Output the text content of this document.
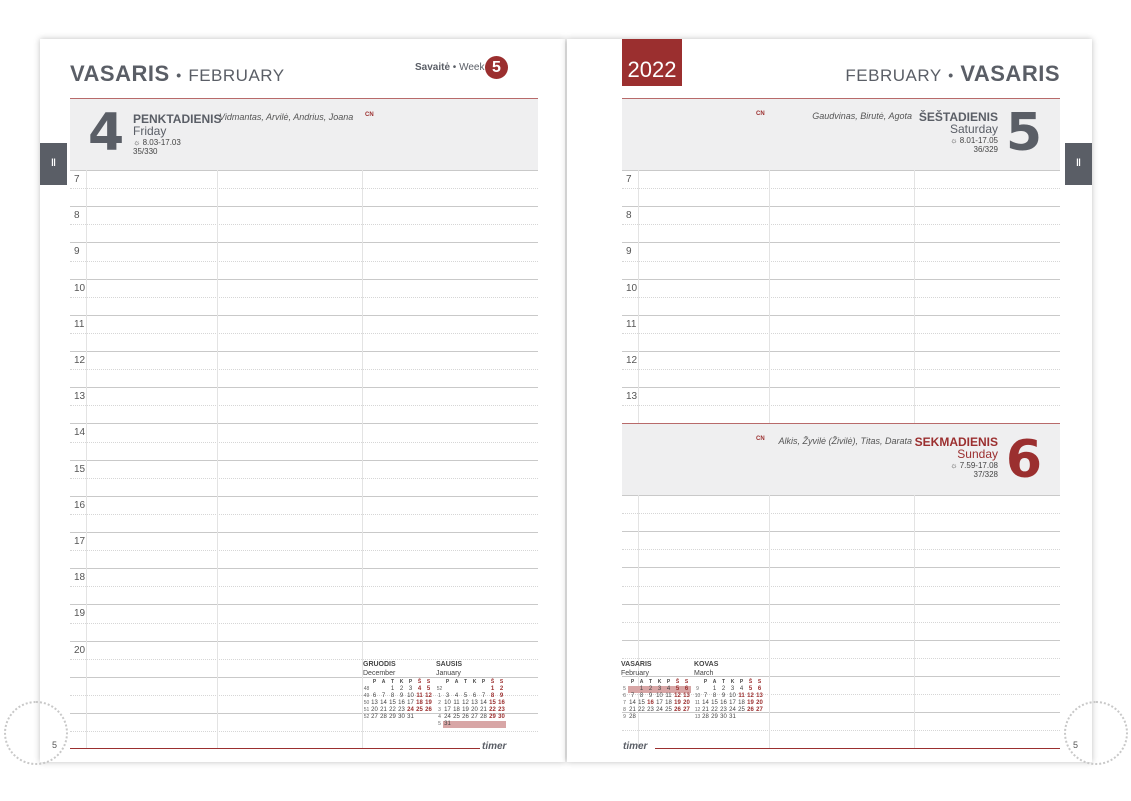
VASARIS • FEBRUARY	Savaitė • Week 5
4 PENKTADIENIS
Friday
☼ 8.03-17.03
35/330
Vidmantas, Arvilė, Andrius, Joana CN
7
8
9
10
11
12
13
14
15
16
17
18
19
20
GRUODIS
December
	P	A	T	K	P	Š	S
48			1	2	3	4	5
49	6	7	8	9	10	11	12
50	13	14	15	16	17	18	19
51	20	21	22	23	24	25	26
52	27	28	29	30	31		
SAUSIS
January
	P	A	T	K	P	Š	S
52						1	2
1	3	4	5	6	7	8	9
2	10	11	12	13	14	15	16
3	17	18	19	20	21	22	23
4	24	25	26	27	28	29	30
5	31						
ǁ
5	timer
2022	FEBRUARY • VASARIS
5
ŠEŠTADIENIS
Saturday
☼ 8.01-17.05
36/329
Gaudvinas, Birutė, Agota
CN
6
SEKMADIENIS
Sunday
☼ 7.59-17.08
37/328
Alkis, Žyvilė (Živilė), Titas, Darata
CN
7
8
9
10
11
12
13
VASARIS
February
	P	A	T	K	P	Š	S
5		1	2	3	4	5	6
6	7	8	9	10	11	12	13
7	14	15	16	17	18	19	20
8	21	22	23	24	25	26	27
9	28						
KOVAS
March
	P	A	T	K	P	Š	S
9		1	2	3	4	5	6
10	7	8	9	10	11	12	13
11	14	15	16	17	18	19	20
12	21	22	23	24	25	26	27
13	28	29	30	31			
ǁ
5
timer
